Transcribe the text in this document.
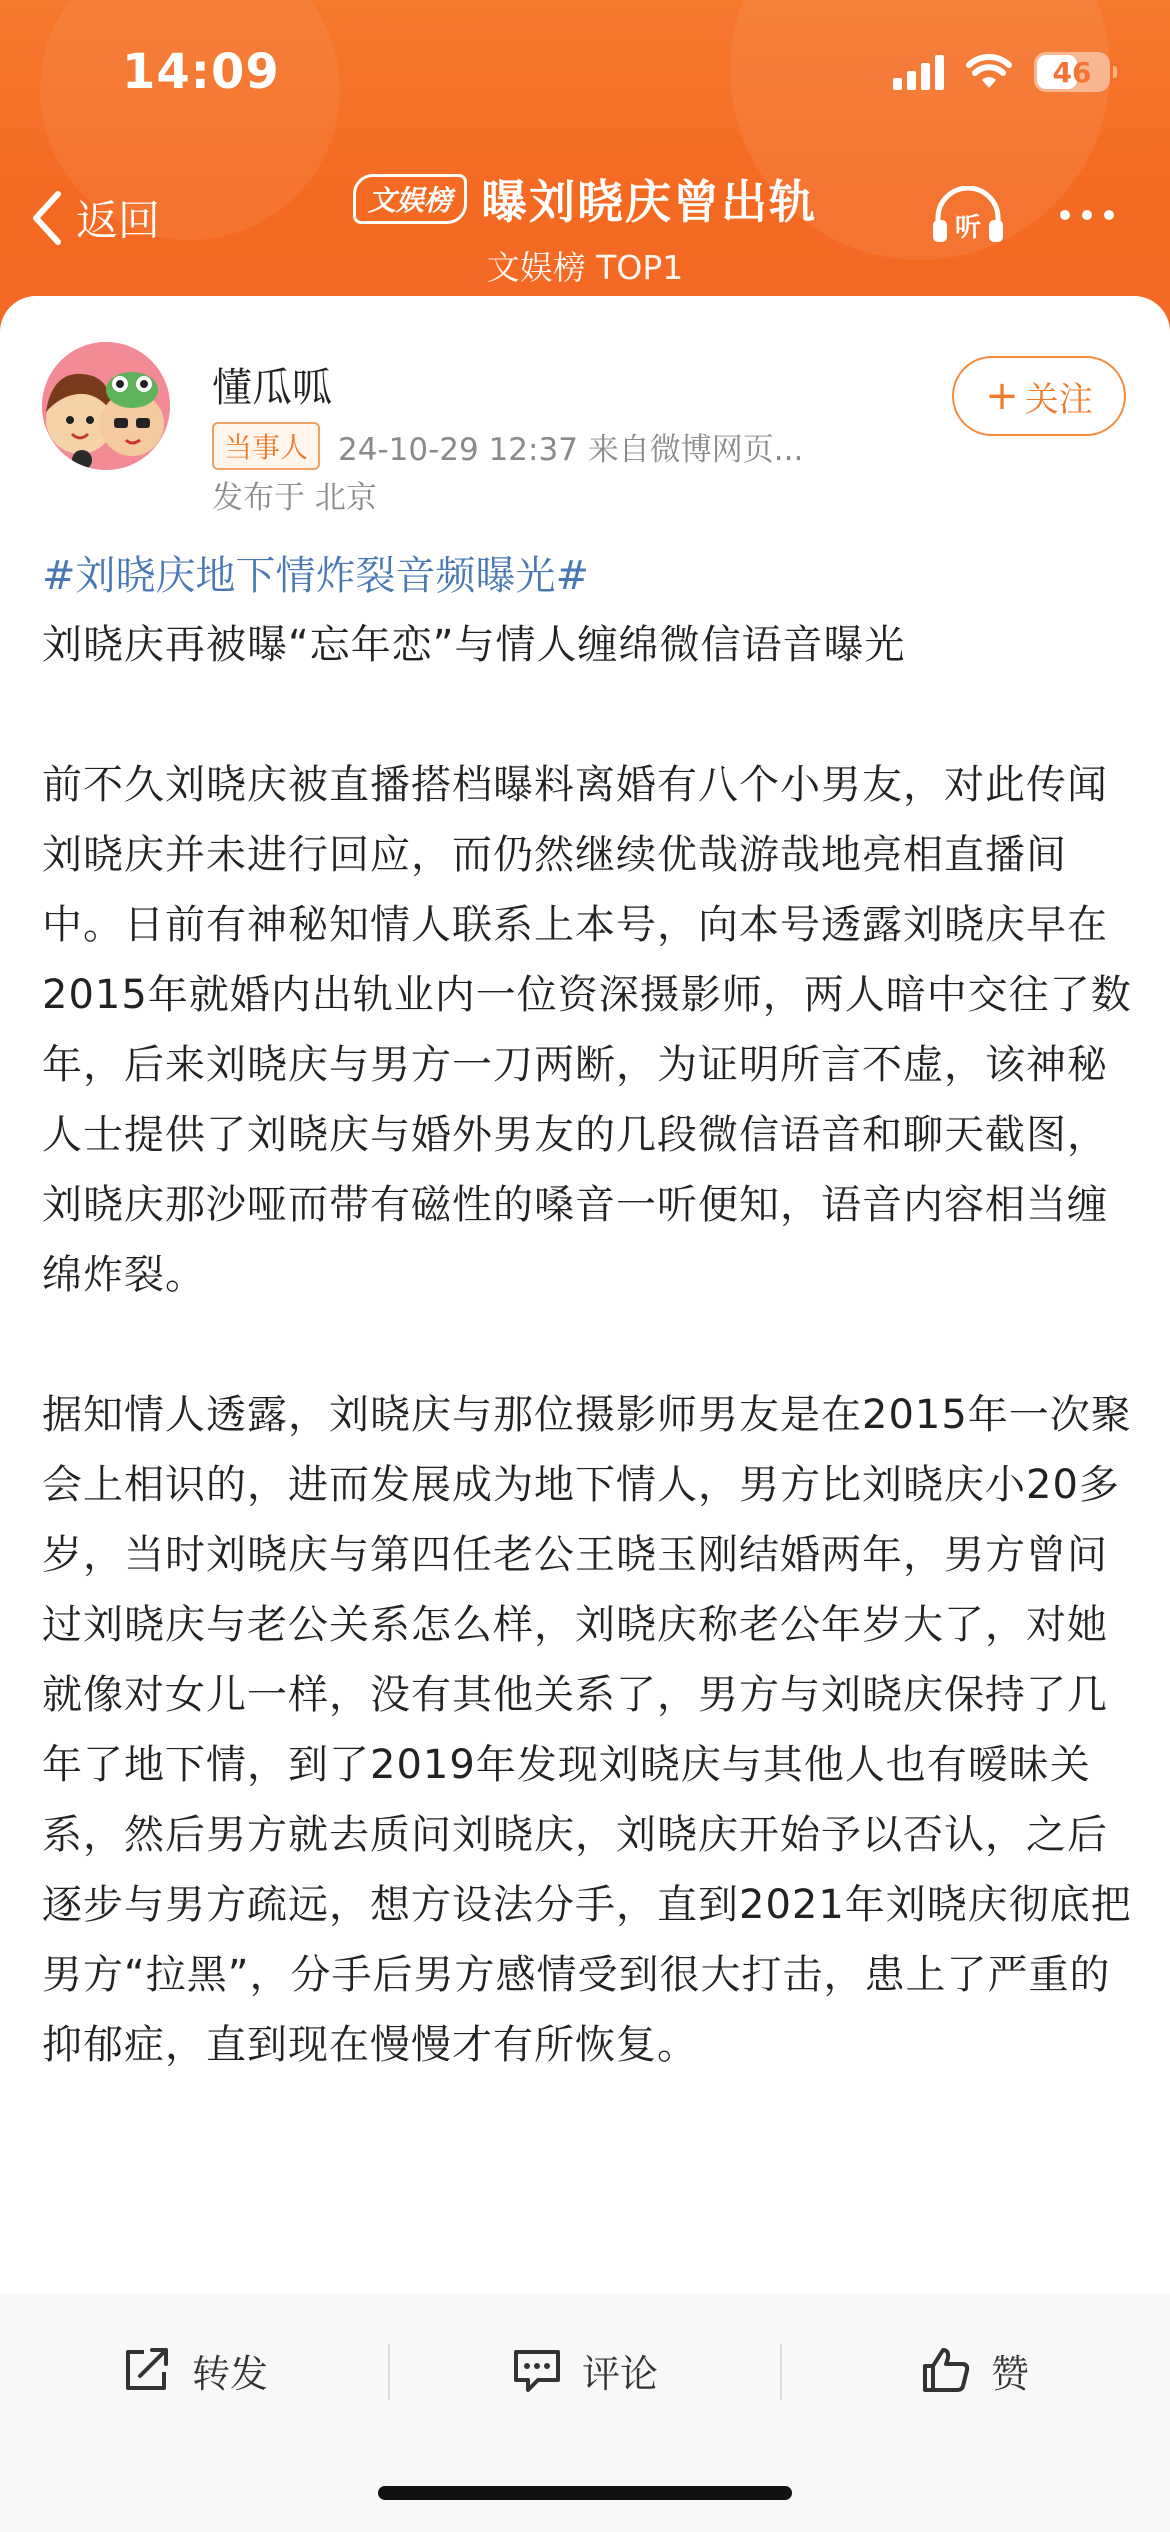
14:09	46
返回	文娱榜 曝刘晓庆曾出轨
文娱榜 TOP1
听
懂瓜呱
当事人 24-10-29 12:37 来自微博网页...
发布于 北京
+ 关注
#刘晓庆地下情炸裂音频曝光#
刘晓庆再被曝“忘年恋”与情人缠绵微信语音曝光
前不久刘晓庆被直播搭档曝料离婚有八个小男友，对此传闻刘晓庆并未进行回应，而仍然继续优哉游哉地亮相直播间中。日前有神秘知情人联系上本号，向本号透露刘晓庆早在2015年就婚内出轨业内一位资深摄影师，两人暗中交往了数年，后来刘晓庆与男方一刀两断，为证明所言不虚，该神秘人士提供了刘晓庆与婚外男友的几段微信语音和聊天截图，刘晓庆那沙哑而带有磁性的嗓音一听便知，语音内容相当缠绵炸裂。
据知情人透露，刘晓庆与那位摄影师男友是在2015年一次聚会上相识的，进而发展成为地下情人，男方比刘晓庆小20多岁，当时刘晓庆与第四任老公王晓玉刚结婚两年，男方曾问过刘晓庆与老公关系怎么样，刘晓庆称老公年岁大了，对她就像对女儿一样，没有其他关系了，男方与刘晓庆保持了几年了地下情，到了2019年发现刘晓庆与其他人也有暧昧关系，然后男方就去质问刘晓庆，刘晓庆开始予以否认，之后逐步与男方疏远，想方设法分手，直到2021年刘晓庆彻底把男方“拉黑”，分手后男方感情受到很大打击，患上了严重的抑郁症，直到现在慢慢才有所恢复。
转发	评论	赞
